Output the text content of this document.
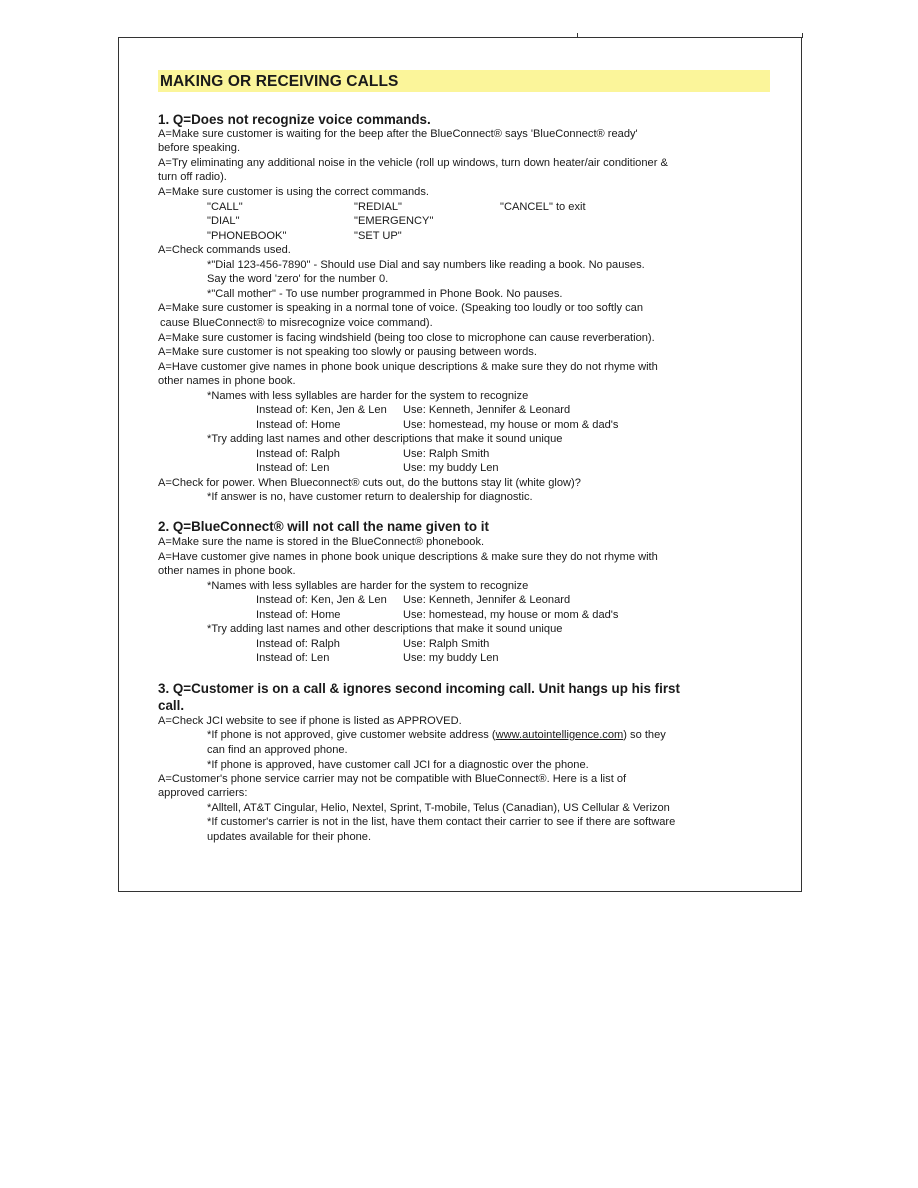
MAKING OR RECEIVING CALLS
1. Q=Does not recognize voice commands.
A=Make sure customer is waiting for the beep after the BlueConnect® says 'BlueConnect® ready'
before speaking.
A=Try eliminating any additional noise in the vehicle (roll up windows, turn down heater/air conditioner &
turn off radio).
A=Make sure customer is using the correct commands.
"CALL"	"REDIAL"	"CANCEL" to exit
"DIAL"	"EMERGENCY"
"PHONEBOOK"	"SET UP"
A=Check commands used.
*"Dial 123-456-7890" - Should use Dial and say numbers like reading a book. No pauses.
Say the word 'zero' for the number 0.
*"Call mother" - To use number programmed in Phone Book. No pauses.
A=Make sure customer is speaking in a normal tone of voice. (Speaking too loudly or too softly can
cause BlueConnect® to misrecognize voice command).
A=Make sure customer is facing windshield (being too close to microphone can cause reverberation).
A=Make sure customer is not speaking too slowly or pausing between words.
A=Have customer give names in phone book unique descriptions & make sure they do not rhyme with
other names in phone book.
*Names with less syllables are harder for the system to recognize
Instead of: Ken, Jen & Len Use: Kenneth, Jennifer & Leonard
Instead of: Home	Use: homestead, my house or mom & dad's
*Try adding last names and other descriptions that make it sound unique
Instead of: Ralph	Use: Ralph Smith
Instead of: Len	Use: my buddy Len
A=Check for power. When Blueconnect® cuts out, do the buttons stay lit (white glow)?
*If answer is no, have customer return to dealership for diagnostic.
2. Q=BlueConnect® will not call the name given to it
A=Make sure the name is stored in the BlueConnect® phonebook.
A=Have customer give names in phone book unique descriptions & make sure they do not rhyme with
other names in phone book.
*Names with less syllables are harder for the system to recognize
Instead of: Ken, Jen & Len Use: Kenneth, Jennifer & Leonard
Instead of: Home	Use: homestead, my house or mom & dad's
*Try adding last names and other descriptions that make it sound unique
Instead of: Ralph	Use: Ralph Smith
Instead of: Len	Use: my buddy Len
3. Q=Customer is on a call & ignores second incoming call. Unit hangs up his first call.
A=Check JCI website to see if phone is listed as APPROVED.
*If phone is not approved, give customer website address (www.autointelligence.com) so they
can find an approved phone.
*If phone is approved, have customer call JCI for a diagnostic over the phone.
A=Customer's phone service carrier may not be compatible with BlueConnect®. Here is a list of
approved carriers:
*Alltell, AT&T Cingular, Helio, Nextel, Sprint, T-mobile, Telus (Canadian), US Cellular & Verizon
*If customer's carrier is not in the list, have them contact their carrier to see if there are software
updates available for their phone.
